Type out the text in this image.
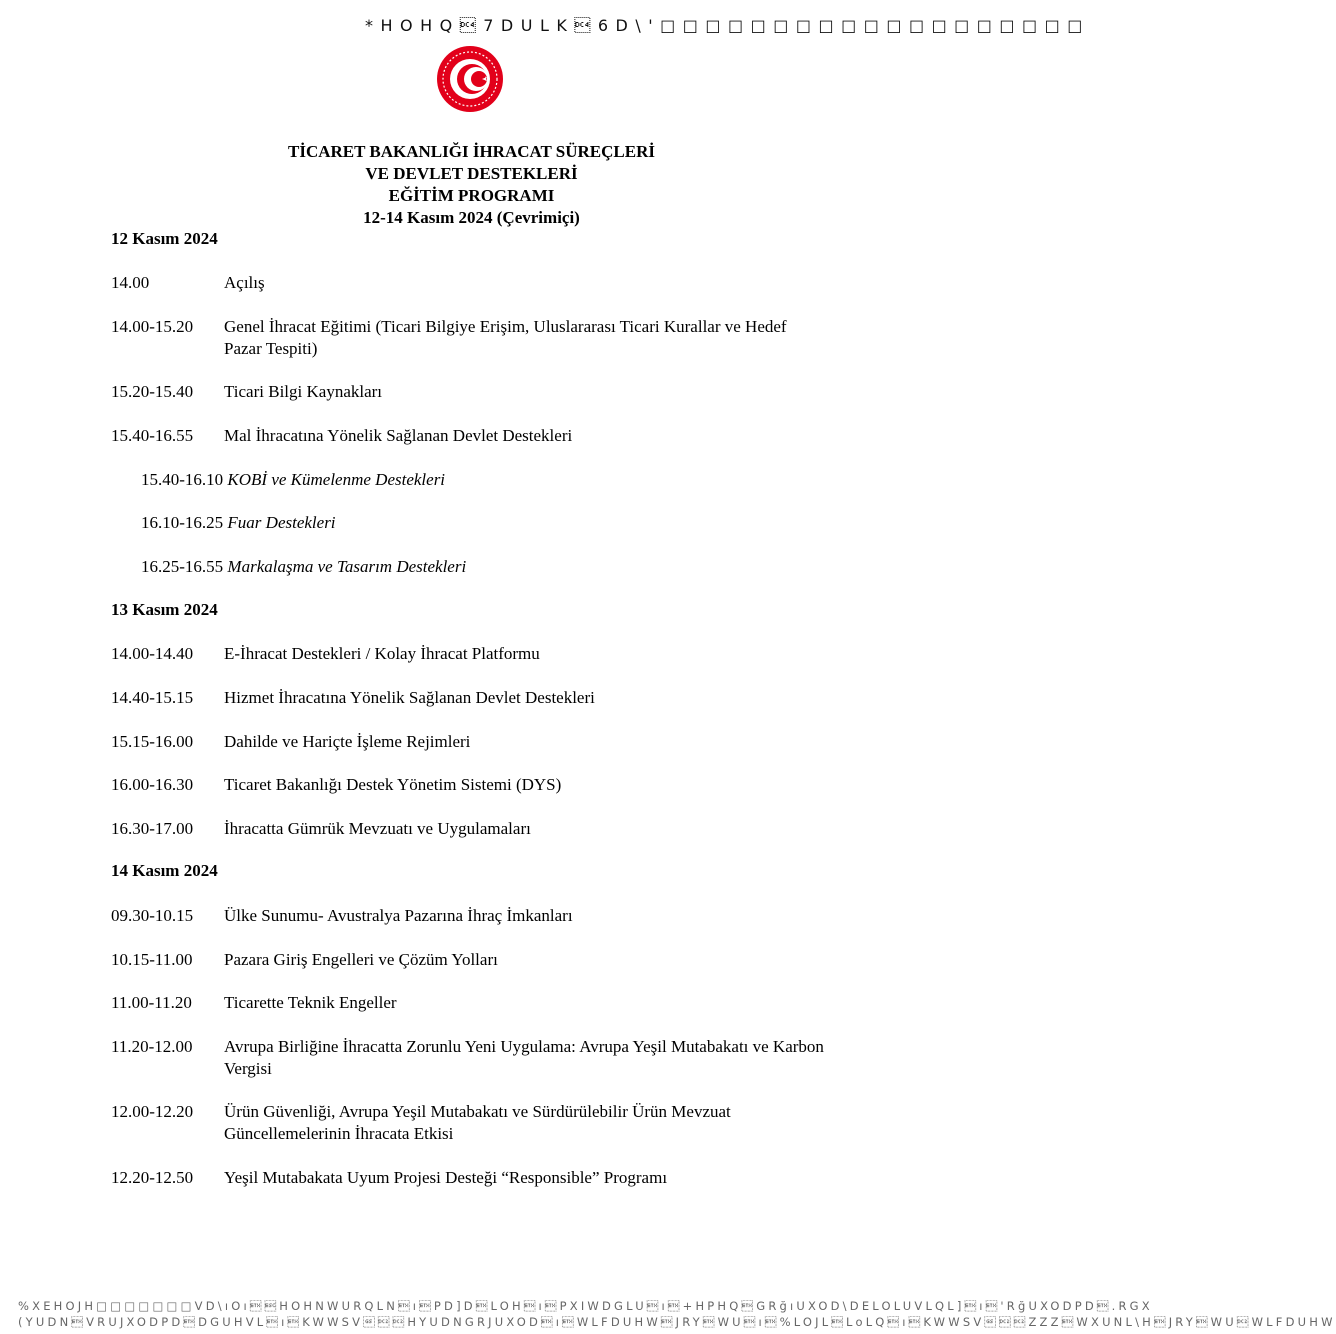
*HOHQ7DULK6D\'□□□□□□□□□□□□□□□□□□□
TİCARET BAKANLIĞI İHRACAT SÜREÇLERİ
VE DEVLET DESTEKLERİ
EĞİTİM PROGRAMI
12-14 Kasım 2024 (Çevrimiçi)
12 Kasım 2024
14.00	Açılış
14.00-15.20 Genel İhracat Eğitimi (Ticari Bilgiye Erişim, Uluslararası Ticari Kurallar ve Hedef Pazar Tespiti)
15.20-15.40 Ticari Bilgi Kaynakları
15.40-16.55 Mal İhracatına Yönelik Sağlanan Devlet Destekleri
15.40-16.10 KOBİ ve Kümelenme Destekleri
16.10-16.25 Fuar Destekleri
16.25-16.55 Markalaşma ve Tasarım Destekleri
13 Kasım 2024
14.00-14.40 E-İhracat Destekleri / Kolay İhracat Platformu
14.40-15.15 Hizmet İhracatına Yönelik Sağlanan Devlet Destekleri
15.15-16.00 Dahilde ve Hariçte İşleme Rejimleri
16.00-16.30 Ticaret Bakanlığı Destek Yönetim Sistemi (DYS)
16.30-17.00 İhracatta Gümrük Mevzuatı ve Uygulamaları
14 Kasım 2024
09.30-10.15 Ülke Sunumu- Avustralya Pazarına İhraç İmkanları
10.15-11.00 Pazara Giriş Engelleri ve Çözüm Yolları
11.00-11.20 Ticarette Teknik Engeller
11.20-12.00 Avrupa Birliğine İhracatta Zorunlu Yeni Uygulama: Avrupa Yeşil Mutabakatı ve Karbon Vergisi
12.00-12.20 Ürün Güvenliği, Avrupa Yeşil Mutabakatı ve Sürdürülebilir Ürün Mevzuat Güncellemelerinin İhracata Etkisi
12.20-12.50 Yeşil Mutabakata Uyum Projesi Desteği “Responsible” Programı
%XEHOJH□□□□□□□VD\ıOıHOHNWURQLNıPD]DLOHıPXIWDGLUı+HPHQGRğıUXOD\DELOLUVLQL]ı'RğUXODPD.RGX
(YUDNVRUJXODPDDGUHVLıKWWSVHYUDNGRJUXODıWLFDUHWJRYWUı%LOJLLoLQıKWWSVZZZWXUNL\HJRYWUWLFDUHW
